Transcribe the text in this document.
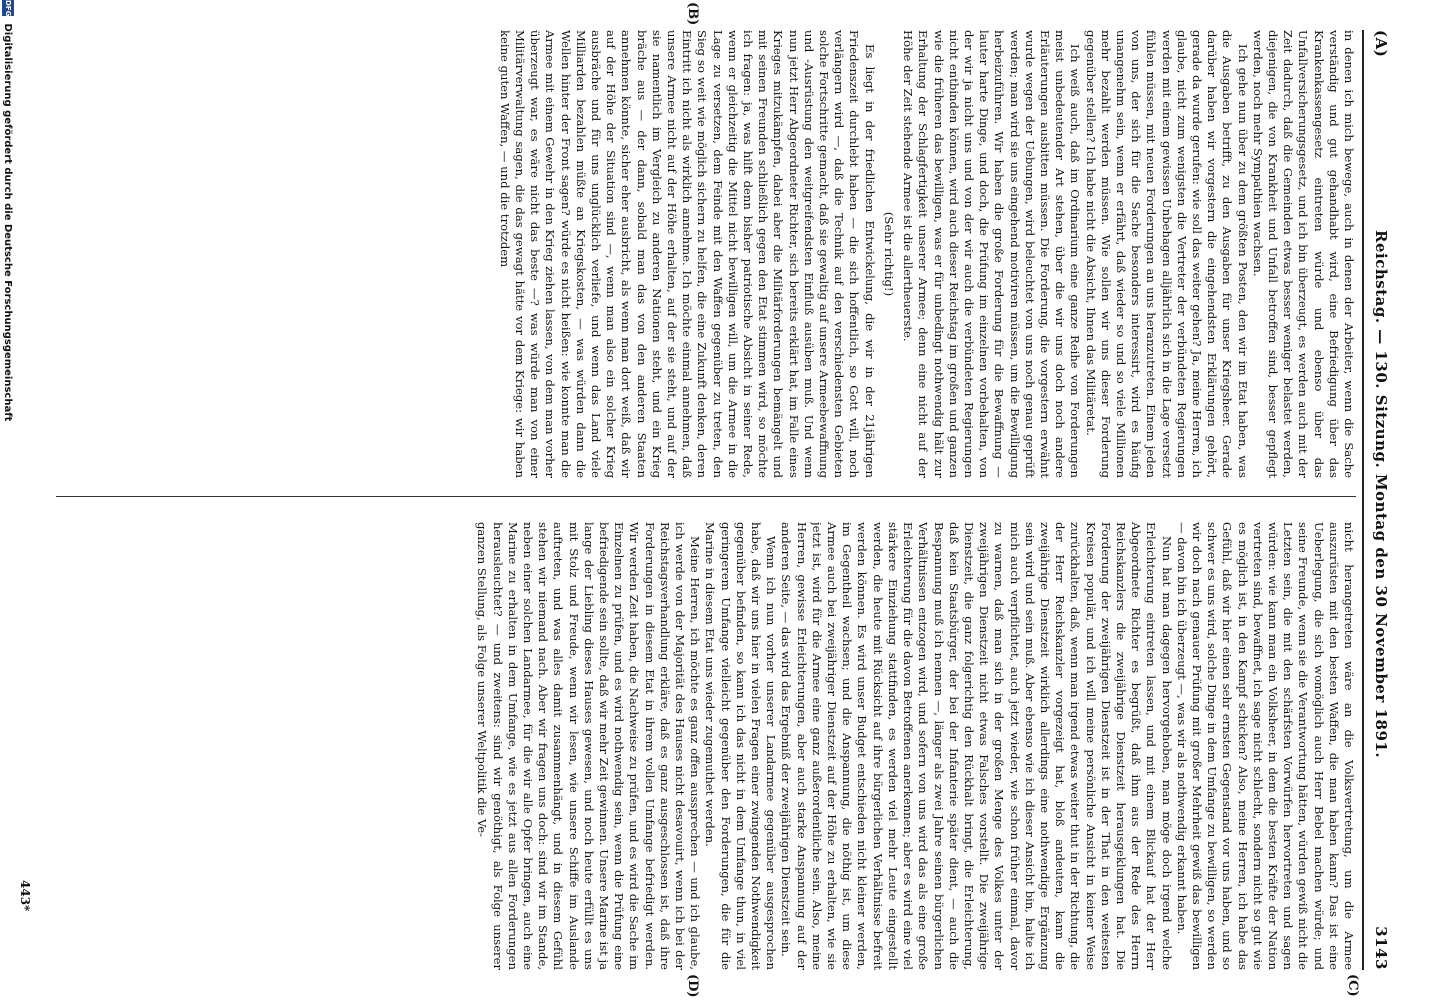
(A)
Reichstag. — 130. Sitzung. Montag den 30 November 1891.
3143

in denen ich mich bewege, auch in denen der Arbeiter, wenn die Sache verständig und gut gehandhabt wird, eine Befriedigung über das Krankenkassengesetz eintreten würde und ebenso über das Unfallversicherungsgesetz, und ich bin überzeugt, es werden auch mit der Zeit dadurch, daß die Gemeinden etwas besser weniger belastet werden, diejenigen, die von Krankheit und Unfall betroffen sind, besser gepflegt werden, noch mehr Sympathien wachsen.

Ich gehe nun über zu dem größten Posten, den wir im Etat haben, was die Ausgaben betrifft, zu den Ausgaben für unser Kriegsheer. Gerade darüber haben wir vorgestern die eingehendsten Erklärungen gehört, gerade da wurde gerufen: wie soll das weiter gehen? Ja, meine Herren, ich glaube, nicht zum wenigsten die Vertreter der verbündeten Regierungen werden mit einem gewissen Unbehagen alljährlich sich in die Lage versetzt fühlen müssen, mit neuen Forderungen an uns heranzutreten. Einem jeden von uns, der sich für die Sache besonders interessirt, wird es häufig unangenehm sein, wenn er erfährt, daß wieder so und so viele Millionen mehr bezahlt werden müssen. Wie sollen wir uns dieser Forderung gegenüber stellen? Ich habe nicht die Absicht, Ihnen das Militäretat.

Ich weiß auch, daß im Ordinarium eine ganze Reihe von Forderungen meist unbedeutender Art stehen, über die wir uns doch noch andere Erläuterungen ausbitten müssen. Die Forderung, die vorgestern erwähnt wurde wegen der Uebungen, wird beleuchtet von uns noch genau geprüft werden; man wird sie uns eingehend motiviren müssen, um die Bewilligung herbeizuführen. Wir haben die große Forderung für die Bewaffnung — lauter harte Dinge, und doch, die Prüfung im einzelnen vorbehalten, von der wir ja nicht uns und von der wir auch die verbündeten Regierungen nicht entbinden können, wird auch dieser Reichstag im großen und ganzen wie die früheren das bewilligen, was er für unbedingt nothwendig hält zur Erhaltung der Schlagfertigkeit unserer Armee; denn eine nicht auf der Höhe der Zeit stehende Armee ist die allertheuerste.

(Sehr richtig!)

Es liegt in der friedlichen Entwickelung, die wir in der 21jährigen Friedenszeit durchlebt haben — die sich hoffentlich, so Gott will, noch verlängern wird —, daß die Technik auf den verschiedensten Gebieten solche Fortschritte gemacht, daß sie gewaltig auf unsere Armeebewaffnung und -Ausrüstung den weitgreifendsten Einfluß ausüben muß. Und wenn nun jetzt Herr Abgeordneter Richter, sich bereits erklärt hat, im Falle eines Krieges mitzukämpfen, dabei aber die Militärforderungen bemängelt und mit seinen Freunden schließlich gegen den Etat stimmen wird, so möchte ich fragen: ja, was hilft denn bisher patriotische Absicht in seiner Rede, wenn er gleichzeitig die Mittel nicht bewilligen will, um die Armee in die Lage zu versetzen, dem Feinde mit den Waffen gegenüber zu treten, den Sieg so weit wie möglich sichern zu helfen, die eine Zukunft denken, deren Eintritt ich nicht als wirklich annehme. Ich möchte einmal annehmen, daß unsere Armee nicht auf der Höhe erhalten, auf der sie steht, und auf der sie namentlich im Vergleich zu anderen Nationen steht, und ein Krieg bräche aus — der dann, sobald man das von den anderen Staaten annehmen könnte, sicher eher ausbricht, als wenn man dort weiß, daß wir auf der Höhe der Situation sind —, wenn man also ein solcher Krieg ausbräche und für uns unglücklich verliefe, und wenn das Land viele Milliarden bezahlen müßte an Kriegskosten, — was würden dann die Wellen hinter der Front sagen? würde es nicht heißen: wie konnte man die Armee mit einem Gewehr in den Krieg ziehen lassen, von dem man vorher überzeugt war, es wäre nicht das beste —? was würde man von einer Militärverwaltung sagen, die das gewagt hätte vor dem Kriege: wir haben keine guten Waffen, — und die trotzdem

nicht herangetreten wäre an die Volksvertretung, um die Armee auszurüsten mit den besten Waffen, die man haben kann? Das ist eine Ueberlegung, die sich womöglich auch Herr Bebel machen würde; und seine Freunde, wenn sie die Verantwortung hätten, würden gewiß nicht die Letzten sein, die mit den schärfsten Vorwürfen hervortreten und sagen würden: wie kann man ein Volksheer, in dem die besten Kräfte der Nation vertreten sind, bewaffnet, ich sage nicht schlecht, sondern nicht so gut wie es möglich ist, in den Kampf schicken? Also, meine Herren, ich habe das Gefühl, daß wir hier einen sehr ernsten Gegenstand vor uns haben, und so schwer es uns wird, solche Dinge in dem Umfange zu bewilligen, so werden wir doch nach genauer Prüfung mit großer Mehrheit gewiß das bewilligen — davon bin ich überzeugt —, was wir als nothwendig erkannt haben.

Nun hat man dagegen hervorgehoben, man möge doch irgend welche Erleichterung eintreten lassen, und mit einem Blickauf hat der Herr Abgeordnete Richter es begrüßt, daß ihm aus der Rede des Herrn Reichskanzlers die zweijährige Dienstzeit herausgeklungen hat. Die Forderung der zweijährigen Dienstzeit ist in der That in den weitesten Kreisen populär, und ich will meine persönliche Ansicht in keiner Weise zurückhalten, daß, wenn man irgend etwas weiter thut in der Richtung, die der Herr Reichskanzler vorgezeigt hat, bloß andeuten, kann die zweijährige Dienstzeit wirklich allerdings eine nothwendige Ergänzung sein wird und sein muß. Aber ebenso wie ich dieser Ansicht bin, halte ich mich auch verpflichtet, auch jetzt wieder, wie schon früher einmal, davor zu warnen, daß man sich in der großen Menge des Volkes unter der zweijährigen Dienstzeit nicht etwas Falsches vorstellt. Die zweijährige Dienstzeit, die ganz folgerichtig den Rückhalt bringt, die Erleichterung, daß kein Staatsbürger, der bei der Infanterie später dient, — auch die Bespannung muß ich nennen —, länger als zwei Jahre seinen bürgerlichen Verhältnissen entzogen wird, und sofern von uns wird das als eine große Erleichterung für die davon Betroffenen anerkennen; aber es wird eine viel stärkere Einziehung stattfinden, es werden viel mehr Leute eingestellt werden, die heute mit Rücksicht auf ihre bürgerlichen Verhältnisse befreit werden können. Es wird unser Budget entschieden nicht kleiner werden, im Gegentheil wachsen; und die Anspannung, die nöthig ist, um diese Armee auch bei zweijähriger Dienstzeit auf der Höhe zu erhalten, wie sie jetzt ist, wird für die Armee eine ganz außerordentliche sein. Also, meine Herren, gewisse Erleichterungen, aber auch starke Anspannung auf der anderen Seite, — das wird das Ergebniß der zweijährigen Dienstzeit sein.

Wenn ich nun vorher unserer Landarmee gegenüber ausgesprochen habe, daß wir uns hier in vielen Fragen einer zwingenden Nothwendigkeit gegenüber befinden, so kann ich das nicht in dem Umfange thun, in viel geringerem Umfange vielleicht gegenüber den Forderungen, die für die Marine in diesem Etat uns wieder zugemuthet werden.

Meine Herren, ich möchte es ganz offen aussprechen — und ich glaube, ich werde von der Majorität des Hauses nicht desavouirt, wenn ich bei der Reichstagsverhandlung erkläre, daß es ganz ausgeschlossen ist, daß ihre Forderungen in diesem Etat in ihrem vollen Umfange befriedigt werden. Wir werden Zeit haben, die Nachweise zu prüfen, und es wird die Sache im Einzelnen zu prüfen, und es wird nothwendig sein, wenn die Prüfung eine befriedigende sein sollte, daß wir mehr Zeit gewinnen. Unsere Marine ist ja lange der Liebling dieses Hauses gewesen, und noch heute erfüllt es uns mit Stolz und Freude, wenn wir lesen, wie unsere Schiffe im Auslande auftreten, und was alles damit zusammenhängt, und in diesem Gefühl stehen wir niemand nach. Aber wir fragen uns doch: sind wir im Stande, neben einer solchen Landarmee, für die wir alle Opfer bringen, auch eine Marine zu erhalten in dem Umfange, wie es jetzt aus allen Forderungen herausleuchtet? — und zweitens: sind wir genöthigt, als Folge unserer ganzen Stellung, als Folge unserer Weltpolitik die Ve-

(C)
(B)
(D)
443*
DFG Digitalisierung gefördert durch die Deutsche Forschungsgemeinschaft
